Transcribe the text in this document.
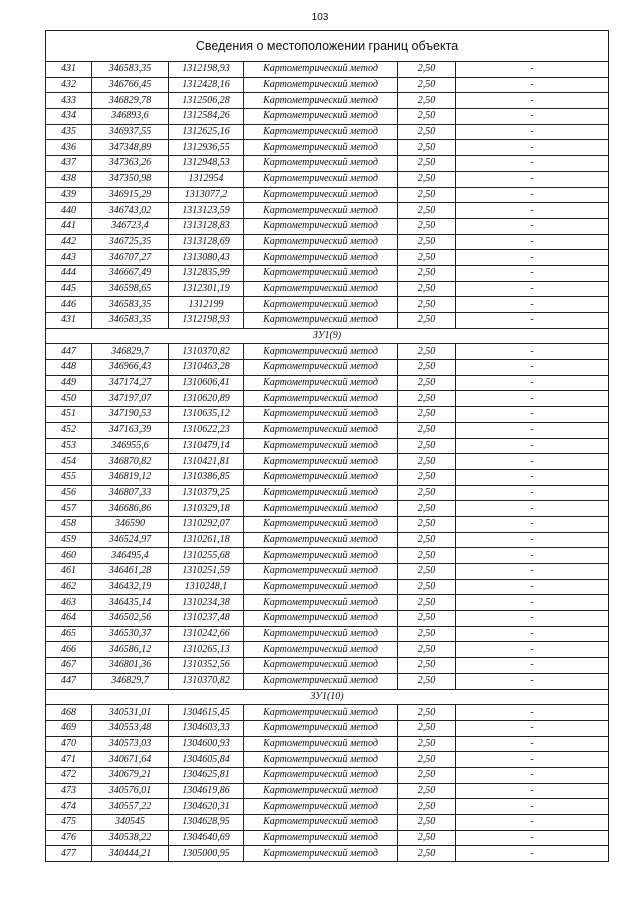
103
Сведения о местоположении границ объекта					
431	346583,35	1312198,93	Картометрический метод	2,50	-
432	346766,45	1312428,16	Картометрический метод	2,50	-
433	346829,78	1312506,28	Картометрический метод	2,50	-
434	346893,6	1312584,26	Картометрический метод	2,50	-
435	346937,55	1312625,16	Картометрический метод	2,50	-
436	347348,89	1312936,55	Картометрический метод	2,50	-
437	347363,26	1312948,53	Картометрический метод	2,50	-
438	347350,98	1312954	Картометрический метод	2,50	-
439	346915,29	1313077,2	Картометрический метод	2,50	-
440	346743,02	1313123,59	Картометрический метод	2,50	-
441	346723,4	1313128,83	Картометрический метод	2,50	-
442	346725,35	1313128,69	Картометрический метод	2,50	-
443	346707,27	1313080,43	Картометрический метод	2,50	-
444	346667,49	1312835,99	Картометрический метод	2,50	-
445	346598,65	1312301,19	Картометрический метод	2,50	-
446	346583,35	1312199	Картометрический метод	2,50	-
431	346583,35	1312198,93	Картометрический метод	2,50	-
ЗУ1(9)					
447	346829,7	1310370,82	Картометрический метод	2,50	-
448	346966,43	1310463,28	Картометрический метод	2,50	-
449	347174,27	1310606,41	Картометрический метод	2,50	-
450	347197,07	1310620,89	Картометрический метод	2,50	-
451	347190,53	1310635,12	Картометрический метод	2,50	-
452	347163,39	1310622,23	Картометрический метод	2,50	-
453	346955,6	1310479,14	Картометрический метод	2,50	-
454	346870,82	1310421,81	Картометрический метод	2,50	-
455	346819,12	1310386,85	Картометрический метод	2,50	-
456	346807,33	1310379,25	Картометрический метод	2,50	-
457	346686,86	1310329,18	Картометрический метод	2,50	-
458	346590	1310292,07	Картометрический метод	2,50	-
459	346524,97	1310261,18	Картометрический метод	2,50	-
460	346495,4	1310255,68	Картометрический метод	2,50	-
461	346461,28	1310251,59	Картометрический метод	2,50	-
462	346432,19	1310248,1	Картометрический метод	2,50	-
463	346435,14	1310234,38	Картометрический метод	2,50	-
464	346502,56	1310237,48	Картометрический метод	2,50	-
465	346530,37	1310242,66	Картометрический метод	2,50	-
466	346586,12	1310265,13	Картометрический метод	2,50	-
467	346801,36	1310352,56	Картометрический метод	2,50	-
447	346829,7	1310370,82	Картометрический метод	2,50	-
ЗУ1(10)					
468	340531,01	1304615,45	Картометрический метод	2,50	-
469	340553,48	1304603,33	Картометрический метод	2,50	-
470	340573,03	1304600,93	Картометрический метод	2,50	-
471	340671,64	1304605,84	Картометрический метод	2,50	-
472	340679,21	1304625,81	Картометрический метод	2,50	-
473	340576,01	1304619,86	Картометрический метод	2,50	-
474	340557,22	1304620,31	Картометрический метод	2,50	-
475	340545	1304628,95	Картометрический метод	2,50	-
476	340538,22	1304640,69	Картометрический метод	2,50	-
477	340444,21	1305000,95	Картометрический метод	2,50	-
